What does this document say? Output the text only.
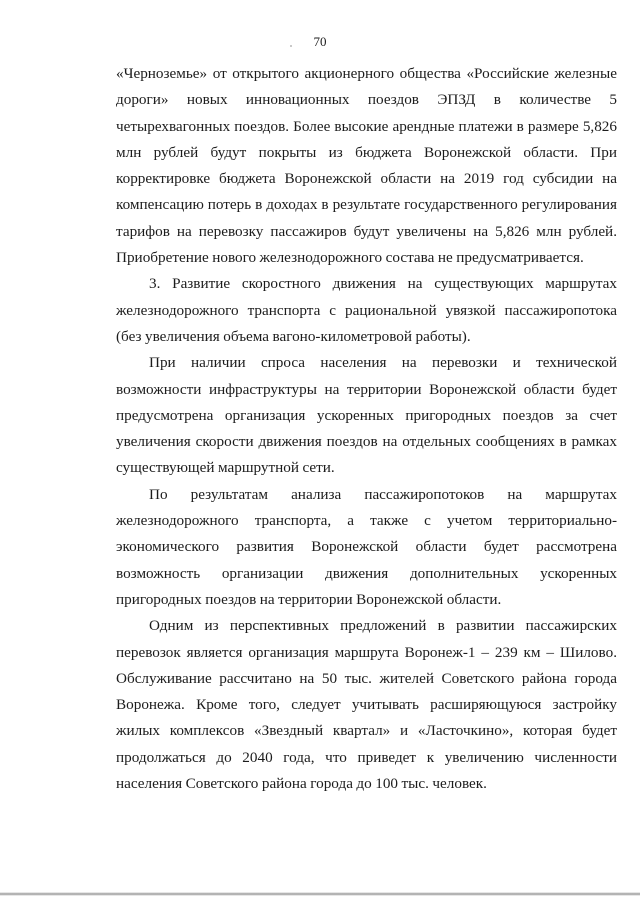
70

«Черноземье» от открытого акционерного общества «Российские железные дороги» новых инновационных поездов ЭПЗД в количестве 5 четырехвагонных поездов. Более высокие арендные платежи в размере 5,826 млн рублей будут покрыты из бюджета Воронежской области. При корректировке бюджета Воронежской области на 2019 год субсидии на компенсацию потерь в доходах в результате государственного регулирования тарифов на перевозку пассажиров будут увеличены на 5,826 млн рублей. Приобретение нового железнодорожного состава не предусматривается.

3. Развитие скоростного движения на существующих маршрутах железнодорожного транспорта с рациональной увязкой пассажиропотока (без увеличения объема вагоно-километровой работы).

При наличии спроса населения на перевозки и технической возможности инфраструктуры на территории Воронежской области будет предусмотрена организация ускоренных пригородных поездов за счет увеличения скорости движения поездов на отдельных сообщениях в рамках существующей маршрутной сети.

По результатам анализа пассажиропотоков на маршрутах железнодорожного транспорта, а также с учетом территориально-экономического развития Воронежской области будет рассмотрена возможность организации движения дополнительных ускоренных пригородных поездов на территории Воронежской области.

Одним из перспективных предложений в развитии пассажирских перевозок является организация маршрута Воронеж-1 – 239 км – Шилово. Обслуживание рассчитано на 50 тыс. жителей Советского района города Воронежа. Кроме того, следует учитывать расширяющуюся застройку жилых комплексов «Звездный квартал» и «Ласточкино», которая будет продолжаться до 2040 года, что приведет к увеличению численности населения Советского района города до 100 тыс. человек.
